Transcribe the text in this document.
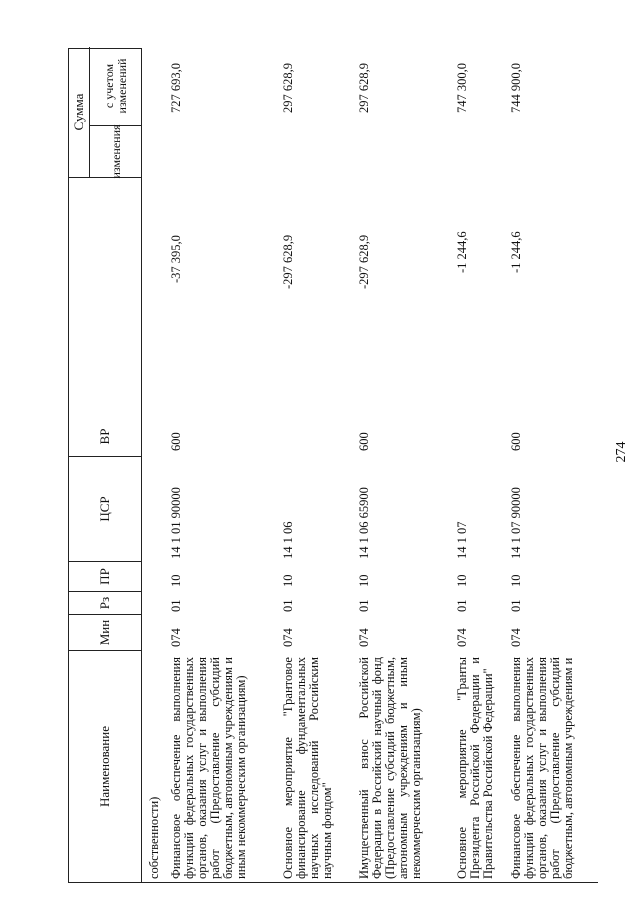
274
Наименование
Мин
Рз
ПР
ЦСР
ВР
Сумма
изменения
с учетом изменений
собственности) Финансовое обеспечение выполнения функций федеральных государственных органов, оказания услуг и выполнения работ (Предоставление субсидий бюджетным, автономным учреждениям и иным некоммерческим организациям)
074
01
10
14 1 01 90000
600
-37 395,0
727 693,0
Основное мероприятие "Грантовое финансирование фундаментальных научных исследований Российским научным фондом"
074
01
10
14 1 06
-297 628,9
297 628,9
Имущественный взнос Российской Федерации в Российский научный фонд (Предоставление субсидий бюджетным, автономным учреждениям и иным некоммерческим организациям)
074
01
10
14 1 06 65900
600
-297 628,9
297 628,9
Основное мероприятие "Гранты Президента Российской Федерации и Правительства Российской Федерации"
074
01
10
14 1 07
-1 244,6
747 300,0
Финансовое обеспечение выполнения функций федеральных государственных органов, оказания услуг и выполнения работ (Предоставление субсидий бюджетным, автономным учреждениям и
074
01
10
14 1 07 90000
600
-1 244,6
744 900,0
